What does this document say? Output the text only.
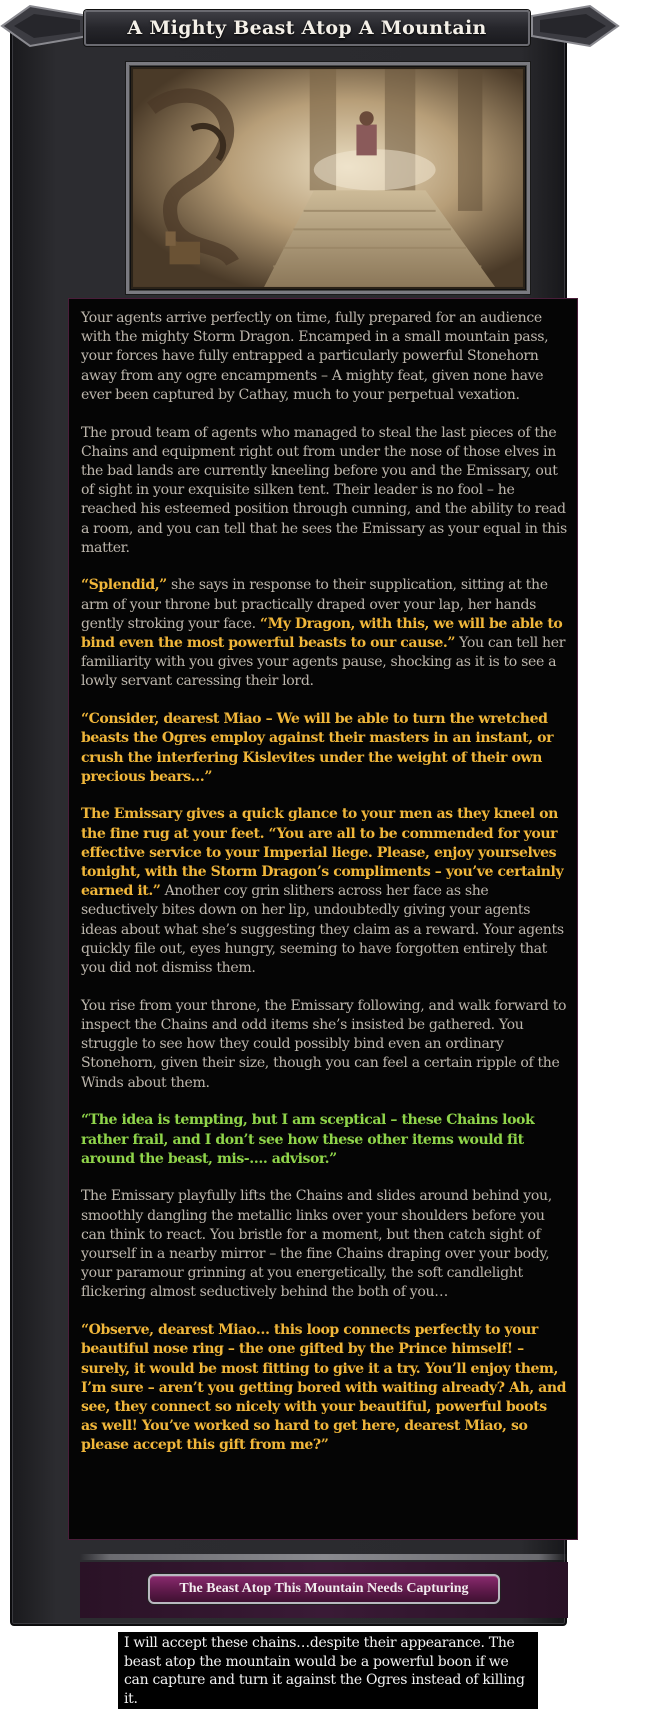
A Mighty Beast Atop A Mountain

Your agents arrive perfectly on time, fully prepared for an audience with the mighty Storm Dragon. Encamped in a small mountain pass, your forces have fully entrapped a particularly powerful Stonehorn away from any ogre encampments – A mighty feat, given none have ever been captured by Cathay, much to your perpetual vexation.

The proud team of agents who managed to steal the last pieces of the Chains and equipment right out from under the nose of those elves in the bad lands are currently kneeling before you and the Emissary, out of sight in your exquisite silken tent. Their leader is no fool – he reached his esteemed position through cunning, and the ability to read a room, and you can tell that he sees the Emissary as your equal in this matter.

“Splendid,” she says in response to their supplication, sitting at the arm of your throne but practically draped over your lap, her hands gently stroking your face. “My Dragon, with this, we will be able to bind even the most powerful beasts to our cause.” You can tell her familiarity with you gives your agents pause, shocking as it is to see a lowly servant caressing their lord.

“Consider, dearest Miao – We will be able to turn the wretched beasts the Ogres employ against their masters in an instant, or crush the interfering Kislevites under the weight of their own precious bears…”

The Emissary gives a quick glance to your men as they kneel on the fine rug at your feet. “You are all to be commended for your effective service to your Imperial liege. Please, enjoy yourselves tonight, with the Storm Dragon’s compliments – you’ve certainly earned it.” Another coy grin slithers across her face as she seductively bites down on her lip, undoubtedly giving your agents ideas about what she’s suggesting they claim as a reward. Your agents quickly file out, eyes hungry, seeming to have forgotten entirely that you did not dismiss them.

You rise from your throne, the Emissary following, and walk forward to inspect the Chains and odd items she’s insisted be gathered. You struggle to see how they could possibly bind even an ordinary Stonehorn, given their size, though you can feel a certain ripple of the Winds about them.

“The idea is tempting, but I am sceptical – these Chains look rather frail, and I don’t see how these other items would fit around the beast, mis-…. advisor.”

The Emissary playfully lifts the Chains and slides around behind you, smoothly dangling the metallic links over your shoulders before you can think to react. You bristle for a moment, but then catch sight of yourself in a nearby mirror – the fine Chains draping over your body, your paramour grinning at you energetically, the soft candlelight flickering almost seductively behind the both of you…

“Observe, dearest Miao… this loop connects perfectly to your beautiful nose ring – the one gifted by the Prince himself! – surely, it would be most fitting to give it a try. You’ll enjoy them, I’m sure – aren’t you getting bored with waiting already? Ah, and see, they connect so nicely with your beautiful, powerful boots as well! You’ve worked so hard to get here, dearest Miao, so please accept this gift from me?”

The Beast Atop This Mountain Needs Capturing
I will accept these chains…despite their appearance. The beast atop the mountain would be a powerful boon if we can capture and turn it against the Ogres instead of killing it.
